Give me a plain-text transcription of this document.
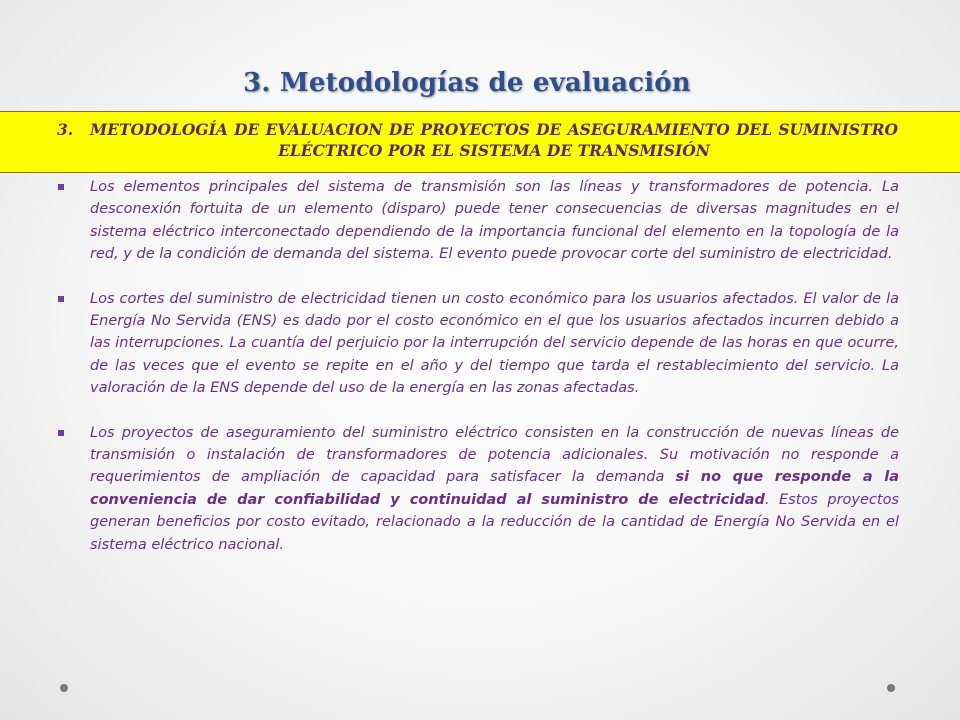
3. Metodologías de evaluación
3. METODOLOGÍA DE EVALUACION DE PROYECTOS DE ASEGURAMIENTO DEL SUMINISTRO ELÉCTRICO POR EL SISTEMA DE TRANSMISIÓN
Los elementos principales del sistema de transmisión son las líneas y transformadores de potencia. La desconexión fortuita de un elemento (disparo) puede tener consecuencias de diversas magnitudes en el sistema eléctrico interconectado dependiendo de la importancia funcional del elemento en la topología de la red, y de la condición de demanda del sistema. El evento puede provocar corte del suministro de electricidad.
Los cortes del suministro de electricidad tienen un costo económico para los usuarios afectados. El valor de la Energía No Servida (ENS) es dado por el costo económico en el que los usuarios afectados incurren debido a las interrupciones. La cuantía del perjuicio por la interrupción del servicio depende de las horas en que ocurre, de las veces que el evento se repite en el año y del tiempo que tarda el restablecimiento del servicio. La valoración de la ENS depende del uso de la energía en las zonas afectadas.
Los proyectos de aseguramiento del suministro eléctrico consisten en la construcción de nuevas líneas de transmisión o instalación de transformadores de potencia adicionales. Su motivación no responde a requerimientos de ampliación de capacidad para satisfacer la demanda si no que responde a la conveniencia de dar confiabilidad y continuidad al suministro de electricidad. Estos proyectos generan beneficios por costo evitado, relacionado a la reducción de la cantidad de Energía No Servida en el sistema eléctrico nacional.
